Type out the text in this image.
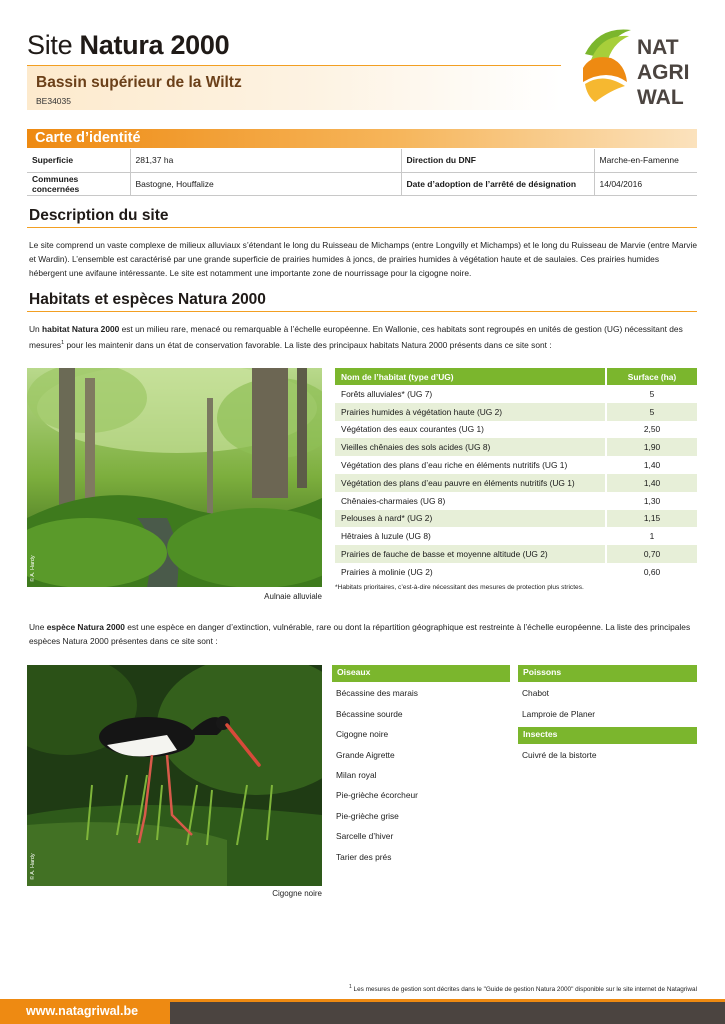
Site Natura 2000
Bassin supérieur de la Wiltz
BE34035
NAT
AGRI
WAL
Carte d’identité
Superficie	281,37 ha	Direction du DNF	Marche-en-Famenne
Communes concernées	Bastogne, Houffalize	Date d’adoption de l’arrêté de désignation	14/04/2016
Description du site
Le site comprend un vaste complexe de milieux alluviaux s’étendant le long du Ruisseau de Michamps (entre Longvilly et Michamps) et le long du Ruisseau de Marvie (entre Marvie et Wardin). L’ensemble est caractérisé par une grande superficie de prairies humides à joncs, de prairies humides à végétation haute et de saulaies. Ces prairies humides hébergent une avifaune intéressante. Le site est notamment une importante zone de nourrissage pour la cigogne noire.
Habitats et espèces Natura 2000
Un habitat Natura 2000 est un milieu rare, menacé ou remarquable à l’échelle européenne. En Wallonie, ces habitats sont regroupés en unités de gestion (UG) nécessitant des mesures$^1$ pour les maintenir dans un état de conservation favorable. La liste des principaux habitats Natura 2000 présents dans ce site sont :
© A. Hardy
Aulnaie alluviale
Nom de l’habitat (type d’UG)	Surface (ha)
Forêts alluviales* (UG 7)	5
Prairies humides à végétation haute (UG 2)	5
Végétation des eaux courantes (UG 1)	2,50
Vieilles chênaies des sols acides (UG 8)	1,90
Végétation des plans d’eau riche en éléments nutritifs (UG 1)	1,40
Végétation des plans d’eau pauvre en éléments nutritifs (UG 1)	1,40
Chênaies-charmaies (UG 8)	1,30
Pelouses à nard* (UG 2)	1,15
Hêtraies à luzule (UG 8)	1
Prairies de fauche de basse et moyenne altitude (UG 2)	0,70
Prairies à molinie (UG 2)	0,60
*Habitats prioritaires, c’est-à-dire nécessitant des mesures de protection plus strictes.
Une espèce Natura 2000 est une espèce en danger d’extinction, vulnérable, rare ou dont la répartition géographique est restreinte à l’échelle européenne. La liste des principales espèces Natura 2000 présentes dans ce site sont :
© A. Hardy
Cigogne noire
Oiseaux
Bécassine des marais
Bécassine sourde
Cigogne noire
Grande Aigrette
Milan royal
Pie-grièche écorcheur
Pie-grièche grise
Sarcelle d’hiver
Tarier des prés
Poissons
Chabot
Lamproie de Planer
Insectes
Cuivré de la bistorte
$^1$ Les mesures de gestion sont décrites dans le "Guide de gestion Natura 2000" disponible sur le site internet de Natagriwal
www.natagriwal.be
